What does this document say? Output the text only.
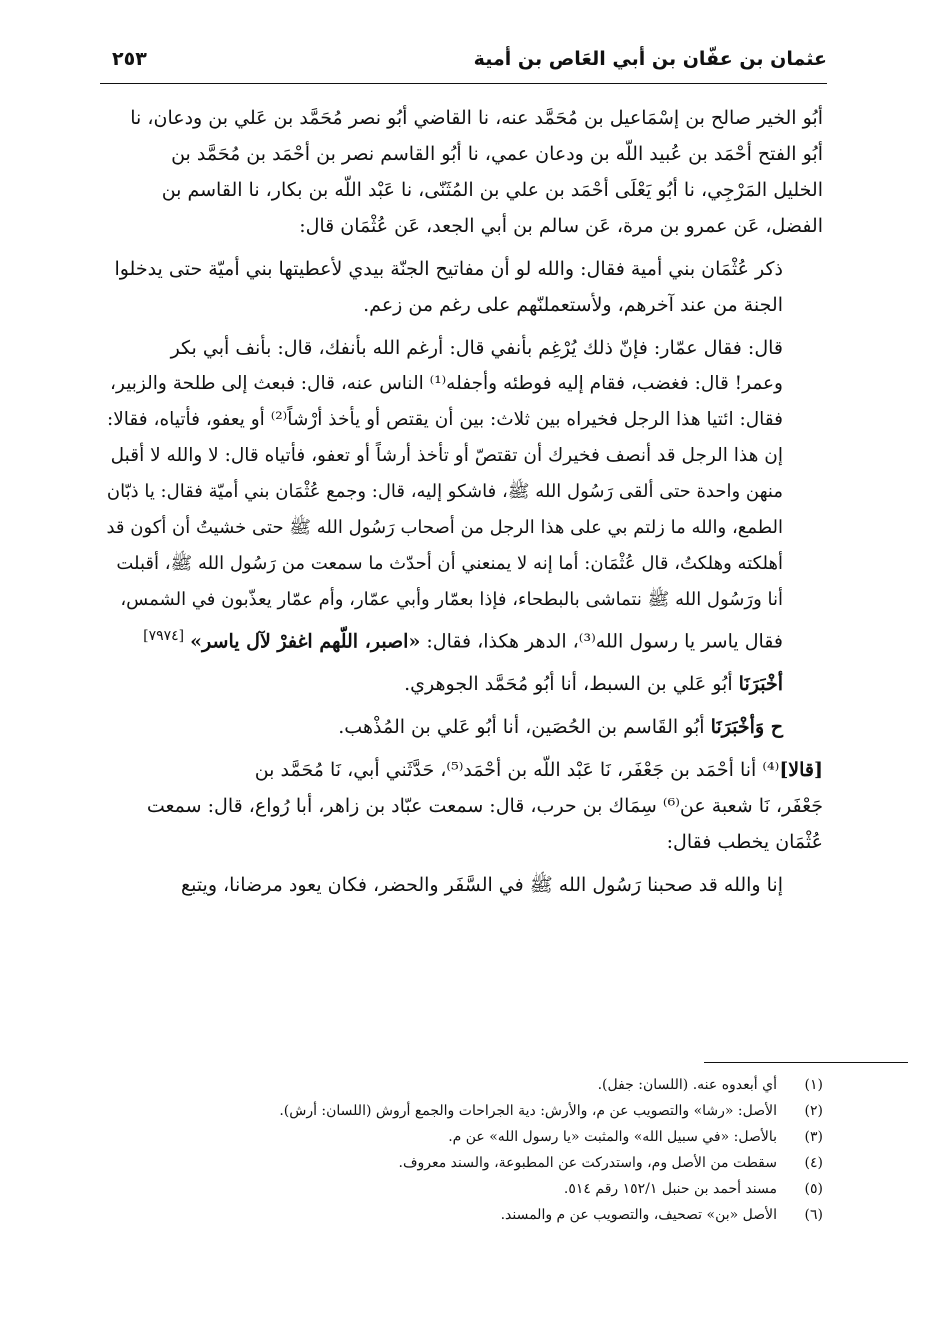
عثمان بن عفّان بن أبي العَاص بن أمية
٢٥٣
أبُو الخير صالح بن إسْمَاعيل بن مُحَمَّد عنه، نا القاضي أبُو نصر مُحَمَّد بن عَلي بن ودعان، نا
أبُو الفتح أحْمَد بن عُبيد اللّه بن ودعان عمي، نا أبُو القاسم نصر بن أحْمَد بن مُحَمَّد بن
الخليل المَرْجِي، نا أبُو يَعْلَى أحْمَد بن علي بن المُثَنّى، نا عَبْد اللّه بن بكار، نا القاسم بن
الفضل، عَن عمرو بن مرة، عَن سالم بن أبي الجعد، عَن عُثْمَان قال:
ذكر عُثْمَان بني أمية فقال: والله لو أن مفاتيح الجنّة بيدي لأعطيتها بني أميّة حتى يدخلوا
الجنة من عند آخرهم، ولأستعملنّهم على رغم من زعم.
قال: فقال عمّار: فإنّ ذلك يُرْغِم بأنفي قال: أرغم الله بأنفك، قال: بأنف أبي بكر
وعمر! قال: فغضب، فقام إليه فوطئه وأجفله⁽¹⁾ الناس عنه، قال: فبعث إلى طلحة والزبير،
فقال: ائتيا هذا الرجل فخيراه بين ثلاث: بين أن يقتص أو يأخذ أرْشاً⁽²⁾ أو يعفو، فأتياه، فقالا:
إن هذا الرجل قد أنصف فخيرك أن تقتصّ أو تأخذ أرشاً أو تعفو، فأتياه قال: لا والله لا أقبل
منهن واحدة حتى ألقى رَسُول الله ﷺ، فاشكو إليه، قال: وجمع عُثْمَان بني أميّة فقال: يا ذبّان
الطمع، والله ما زلتم بي على هذا الرجل من أصحاب رَسُول الله ﷺ حتى خشيتُ أن أكون قد
أهلكته وهلكتُ، قال عُثْمَان: أما إنه لا يمنعني أن أحدّث ما سمعت من رَسُول الله ﷺ، أقبلت
أنا ورَسُول الله ﷺ نتماشى بالبطحاء، فإذا بعمّار وأبي عمّار، وأم عمّار يعذّبون في الشمس،
فقال ياسر يا رسول الله⁽³⁾، الدهر هكذا، فقال: «اصبر، اللّهم اغفرْ لآل ياسر» [٧٩٧٤]
أخْبَرَنَا أبُو عَلي بن السبط، أنا أبُو مُحَمَّد الجوهري.
ح وَأخْبَرَنَا أبُو القَاسم بن الحُصَين، أنا أبُو عَلي بن المُذْهب.
[قالا]⁽⁴⁾ أنا أحْمَد بن جَعْفَر، نَا عَبْد اللّه بن أحْمَد⁽⁵⁾، حَدَّثَني أبي، نَا مُحَمَّد بن
جَعْفَر، نَا شعبة عن⁽⁶⁾ سِمَاك بن حرب، قال: سمعت عبّاد بن زاهر، أبا رُواع، قال: سمعت
عُثْمَان يخطب فقال:
إنا والله قد صحبنا رَسُول الله ﷺ في السَّفَر والحضر، فكان يعود مرضانا، ويتبع
(١)أي أبعدوه عنه. (اللسان: جفل).
(٢)الأصل: «رشا» والتصويب عن م، والأرش: دية الجراحات والجمع أروش (اللسان: أرش).
(٣)بالأصل: «في سبيل الله» والمثبت «يا رسول الله» عن م.
(٤)سقطت من الأصل وم، واستدركت عن المطبوعة، والسند معروف.
(٥)مسند أحمد بن حنبل ١٥٢/١ رقم ٥١٤.
(٦)الأصل «بن» تصحيف، والتصويب عن م والمسند.
